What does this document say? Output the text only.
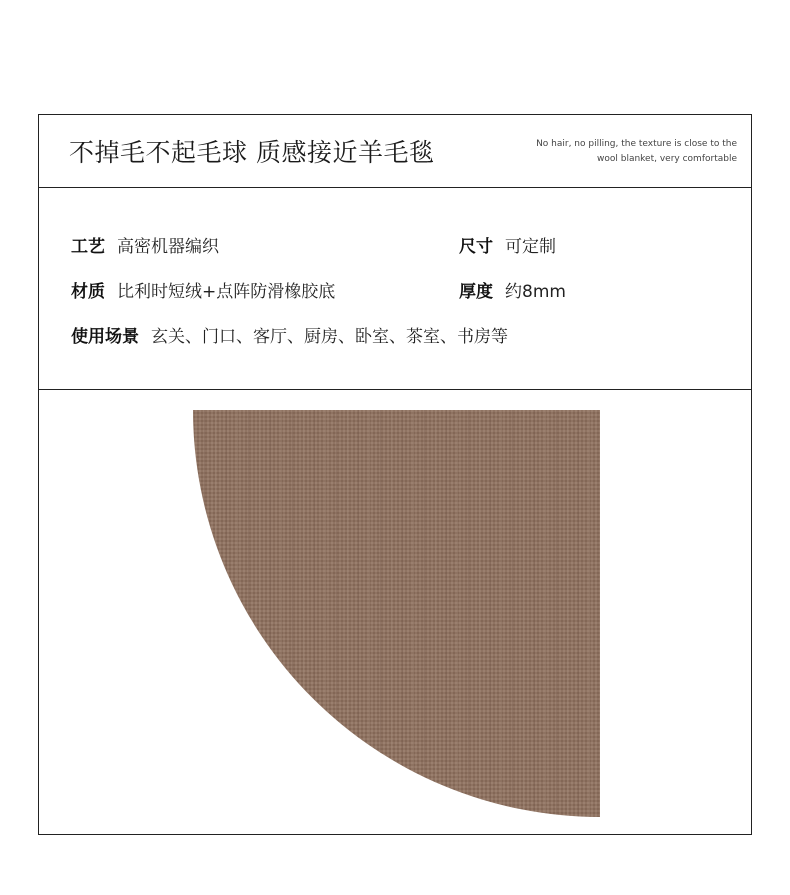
不掉毛不起毛球 质感接近羊毛毯	No hair, no pilling, the texture is close to the
wool blanket, very comfortable
工艺 高密机器编织
材质 比利时短绒+点阵防滑橡胶底
使用场景 玄关、门口、客厅、厨房、卧室、茶室、书房等
尺寸 可定制
厚度 约8mm
